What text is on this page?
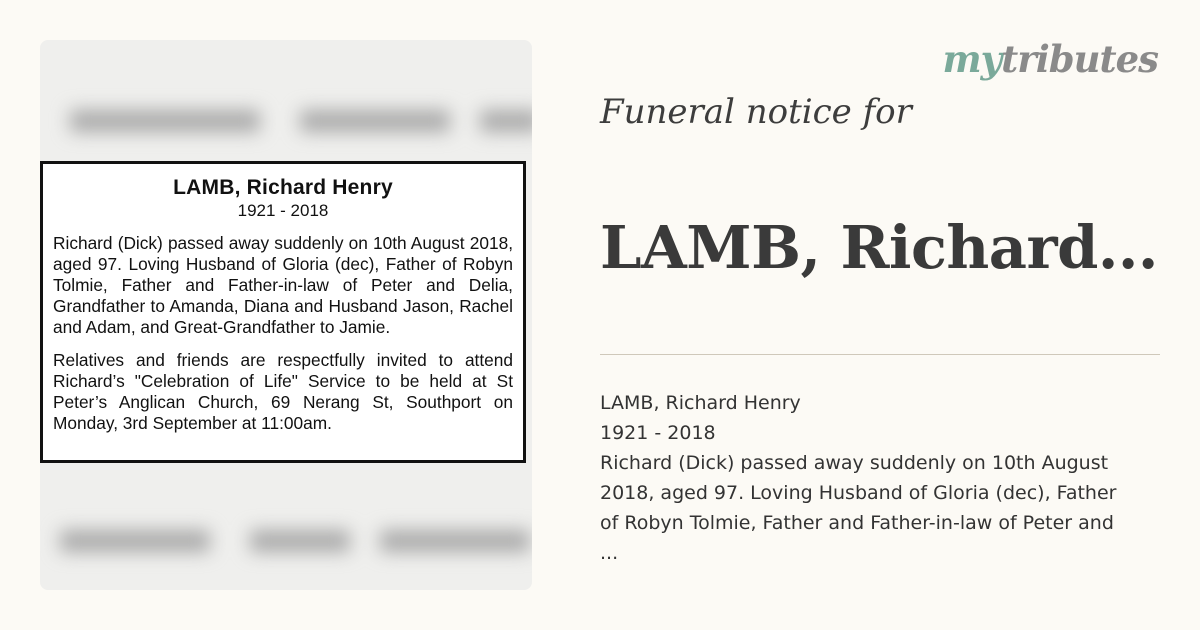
LAMB, Richard Henry
1921 - 2018
Richard (Dick) passed away suddenly on 10th August 2018, aged 97. Loving Husband of Gloria (dec), Father of Robyn Tolmie, Father and Father-in-law of Peter and Delia, Grandfather to Amanda, Diana and Husband Jason, Rachel and Adam, and Great-Grandfather to Jamie.
Relatives and friends are respectfully invited to attend Richard’s "Celebration of Life" Service to be held at St Peter’s Anglican Church, 69 Nerang St, Southport on Monday, 3rd September at 11:00am.
mytributes
Funeral notice for
LAMB, Richard...
LAMB, Richard Henry
1921 - 2018
Richard (Dick) passed away suddenly on 10th August
2018, aged 97. Loving Husband of Gloria (dec), Father
of Robyn Tolmie, Father and Father-in-law of Peter and
...
